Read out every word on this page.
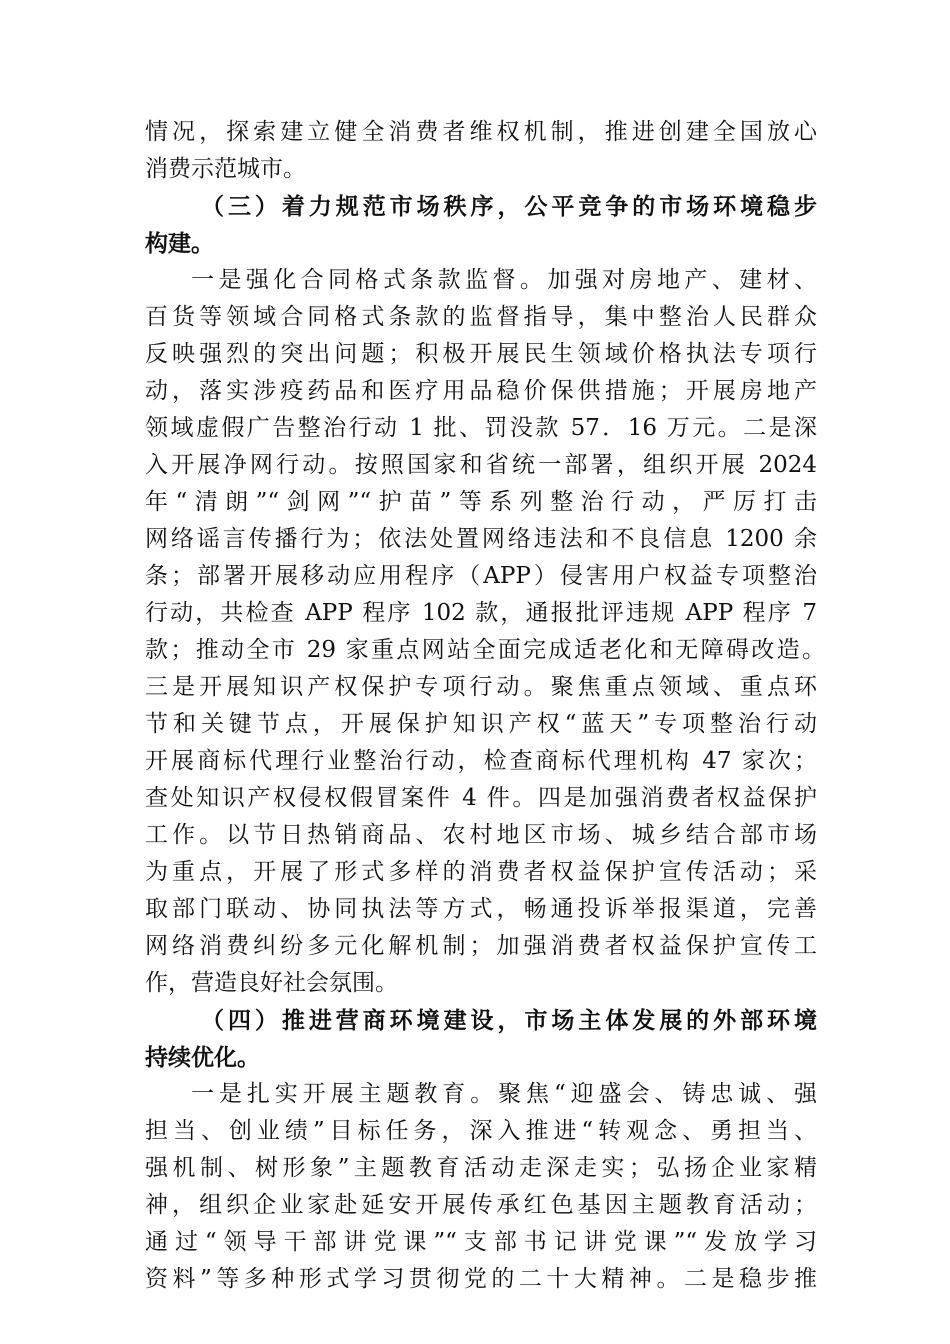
情况，探索建立健全消费者维权机制，推进创建全国放心
消费示范城市。
（三）着力规范市场秩序，公平竞争的市场环境稳步
构建。
一是强化合同格式条款监督。加强对房地产、建材、
百货等领域合同格式条款的监督指导，集中整治人民群众
反映强烈的突出问题；积极开展民生领域价格执法专项行
动，落实涉疫药品和医疗用品稳价保供措施；开展房地产
领域虚假广告整治行动 1 批、罚没款 57．16 万元。二是深
入开展净网行动。按照国家和省统一部署，组织开展 2024
年“清朗”“剑网”“护苗”等系列整治行动，严厉打击
网络谣言传播行为；依法处置网络违法和不良信息 1200 余
条；部署开展移动应用程序（APP）侵害用户权益专项整治
行动，共检查 APP 程序 102 款，通报批评违规 APP 程序 7
款；推动全市 29 家重点网站全面完成适老化和无障碍改造。
三是开展知识产权保护专项行动。聚焦重点领域、重点环
节和关键节点，开展保护知识产权“蓝天”专项整治行动
开展商标代理行业整治行动，检查商标代理机构 47 家次；
查处知识产权侵权假冒案件 4 件。四是加强消费者权益保护
工作。以节日热销商品、农村地区市场、城乡结合部市场
为重点，开展了形式多样的消费者权益保护宣传活动；采
取部门联动、协同执法等方式，畅通投诉举报渠道，完善
网络消费纠纷多元化解机制；加强消费者权益保护宣传工
作，营造良好社会氛围。
（四）推进营商环境建设，市场主体发展的外部环境
持续优化。
一是扎实开展主题教育。聚焦“迎盛会、铸忠诚、强
担当、创业绩”目标任务，深入推进“转观念、勇担当、
强机制、树形象”主题教育活动走深走实；弘扬企业家精
神，组织企业家赴延安开展传承红色基因主题教育活动；
通过“领导干部讲党课”“支部书记讲党课”“发放学习
资料”等多种形式学习贯彻党的二十大精神。二是稳步推
